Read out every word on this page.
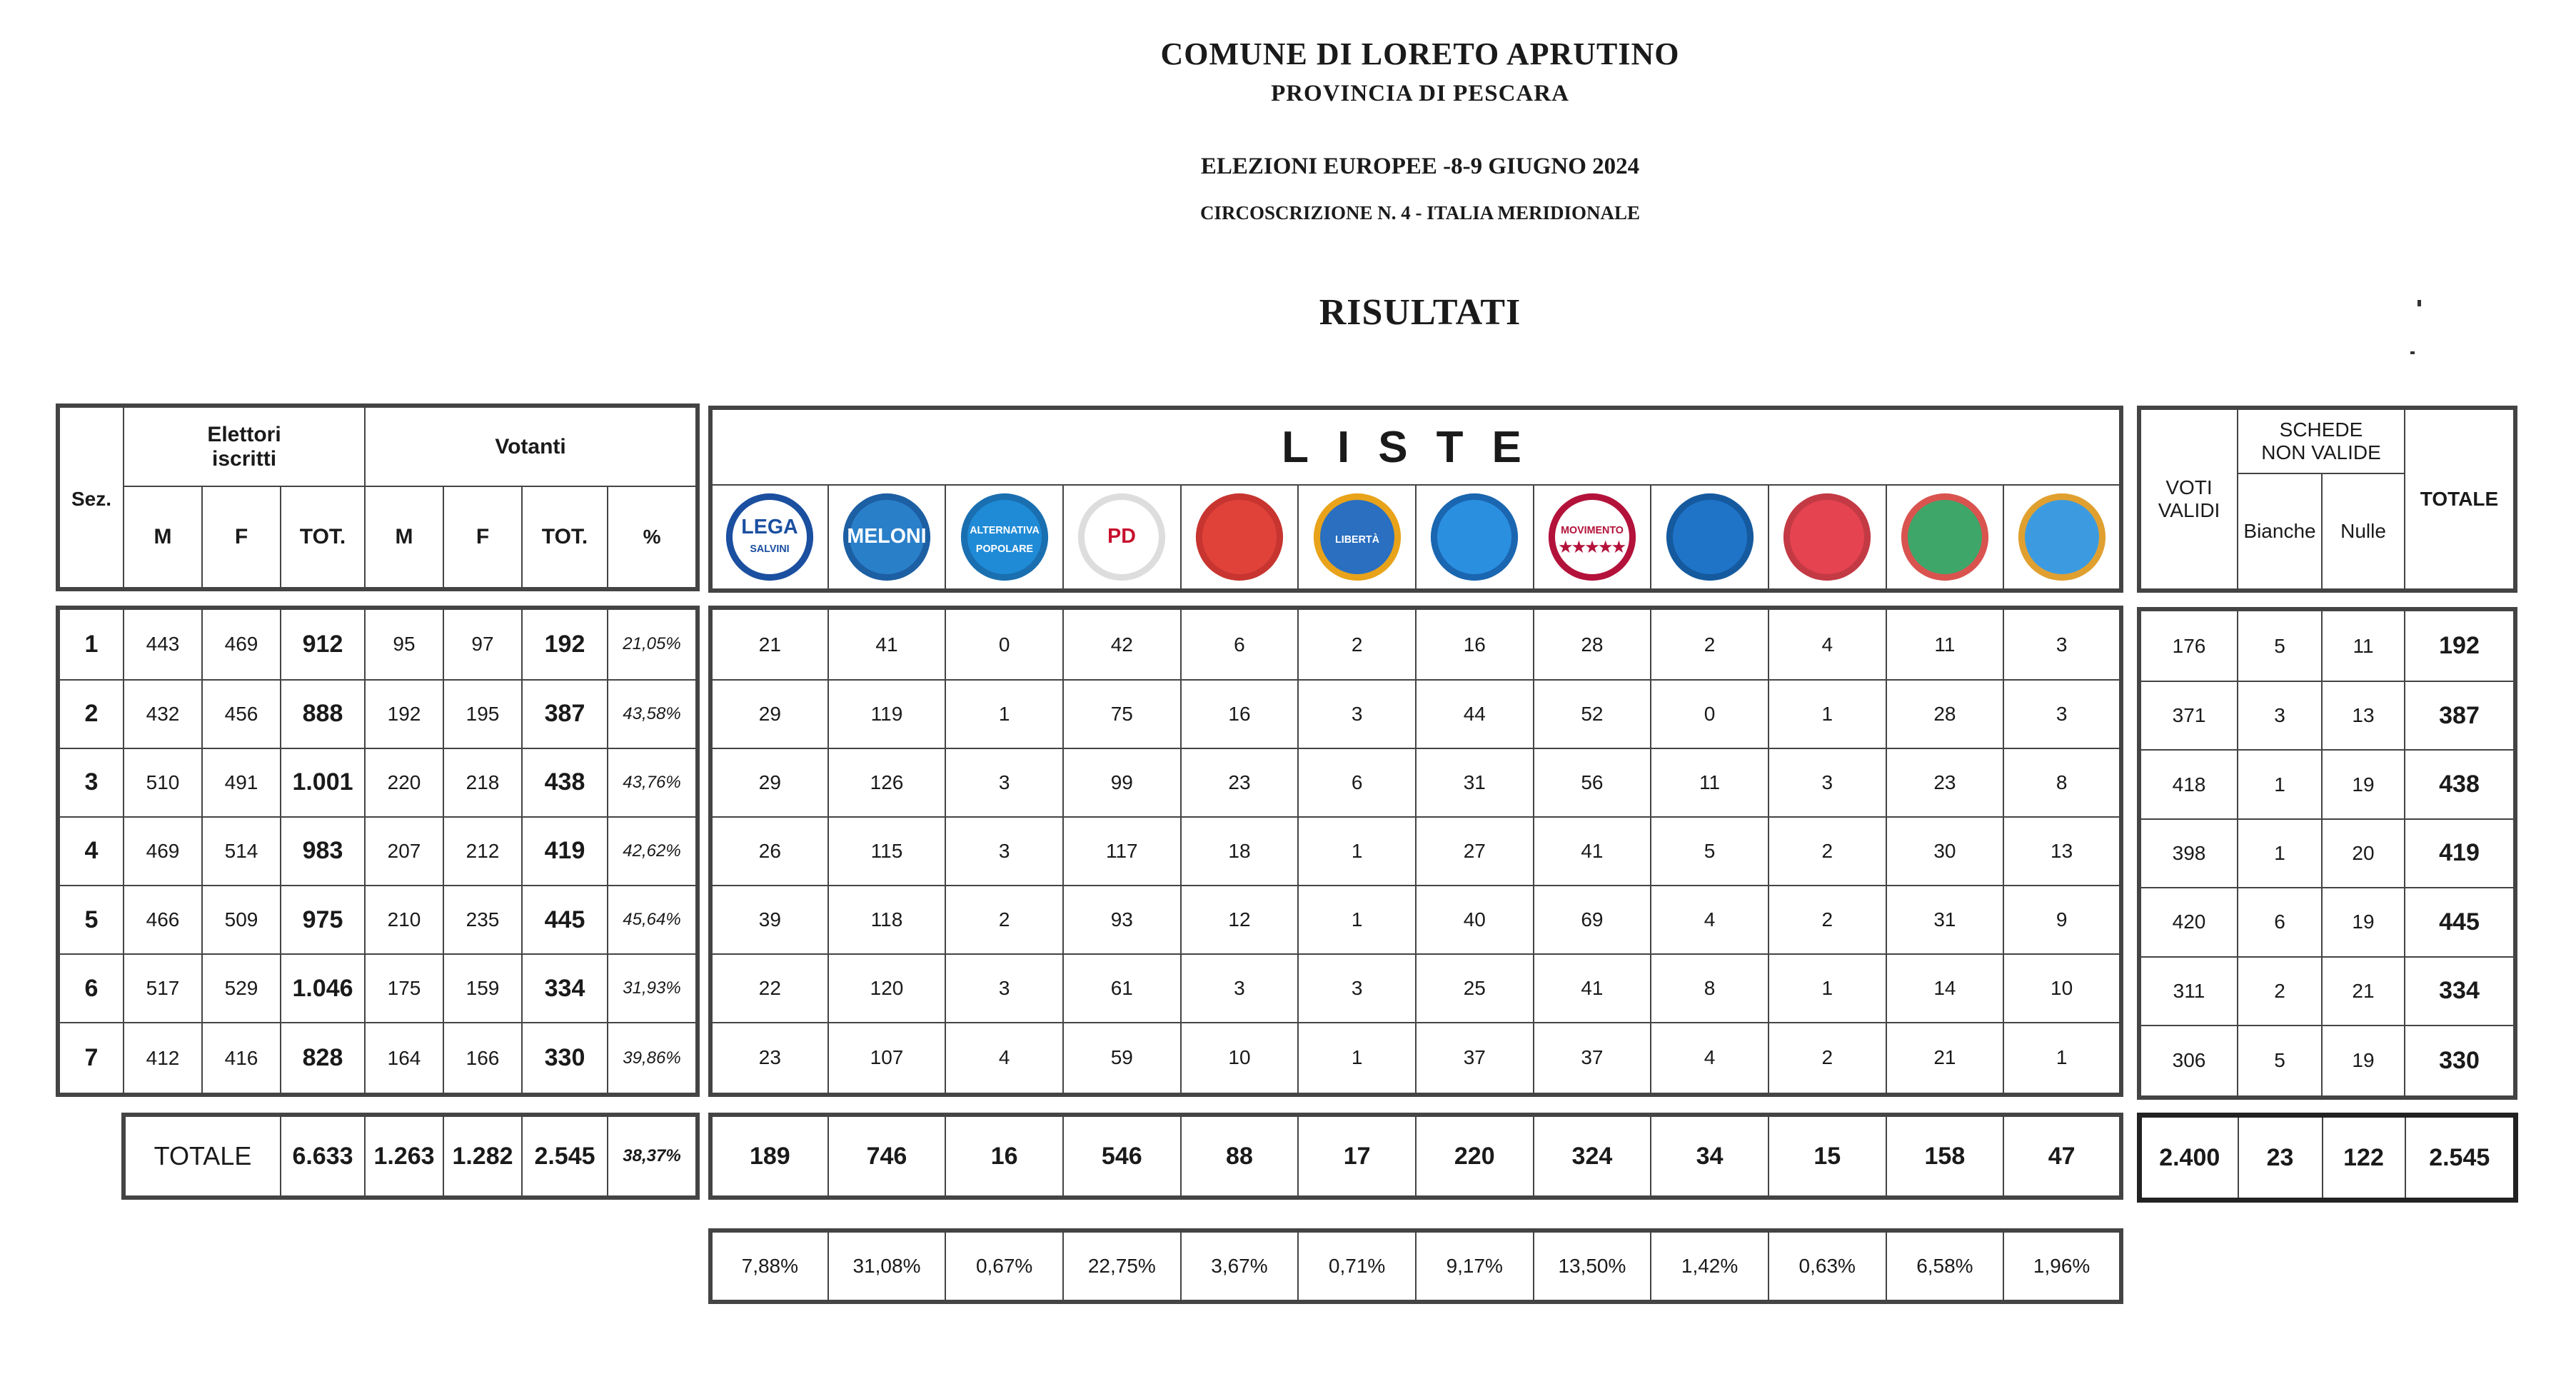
COMUNE DI LORETO APRUTINO
PROVINCIA DI PESCARA
ELEZIONI EUROPEE -8-9 GIUGNO 2024
CIRCOSCRIZIONE N. 4 - ITALIA MERIDIONALE
RISULTATI
Sez.	Elettori iscritti			Votanti			
	M	F	TOT.	M	F	TOT.	%
1	443	469	912	95	97	192	21,05%
2	432	456	888	192	195	387	43,58%
3	510	491	1.001	220	218	438	43,76%
4	469	514	983	207	212	419	42,62%
5	466	509	975	210	235	445	45,64%
6	517	529	1.046	175	159	334	31,93%
7	412	416	828	164	166	330	39,86%
TOTALE	6.633	1.263	1.282	2.545	38,37%
LISTE

LEGA
SALVINI

MELONI	ALTERNATIVA
POPOLARE

PD		LIBERTÀ

MOVIMENTO
★★★★★

21	41	0	42	6	2	16	28	2	4	11	3
29	119	1	75	16	3	44	52	0	1	28	3
29	126	3	99	23	6	31	56	11	3	23	8
26	115	3	117	18	1	27	41	5	2	30	13
39	118	2	93	12	1	40	69	4	2	31	9
22	120	3	61	3	3	25	41	8	1	14	10
23	107	4	59	10	1	37	37	4	2	21	1
189	746	16	546	88	17	220	324	34	15	158	47
7,88%	31,08%	0,67%	22,75%	3,67%	0,71%	9,17%	13,50%	1,42%	0,63%	6,58%	1,96%
VOTI VALIDI	SCHEDE NON VALIDE		TOTALE
	Bianche	Nulle	
176	5	11	192
371	3	13	387
418	1	19	438
398	1	20	419
420	6	19	445
311	2	21	334
306	5	19	330
2.400	23	122	2.545
